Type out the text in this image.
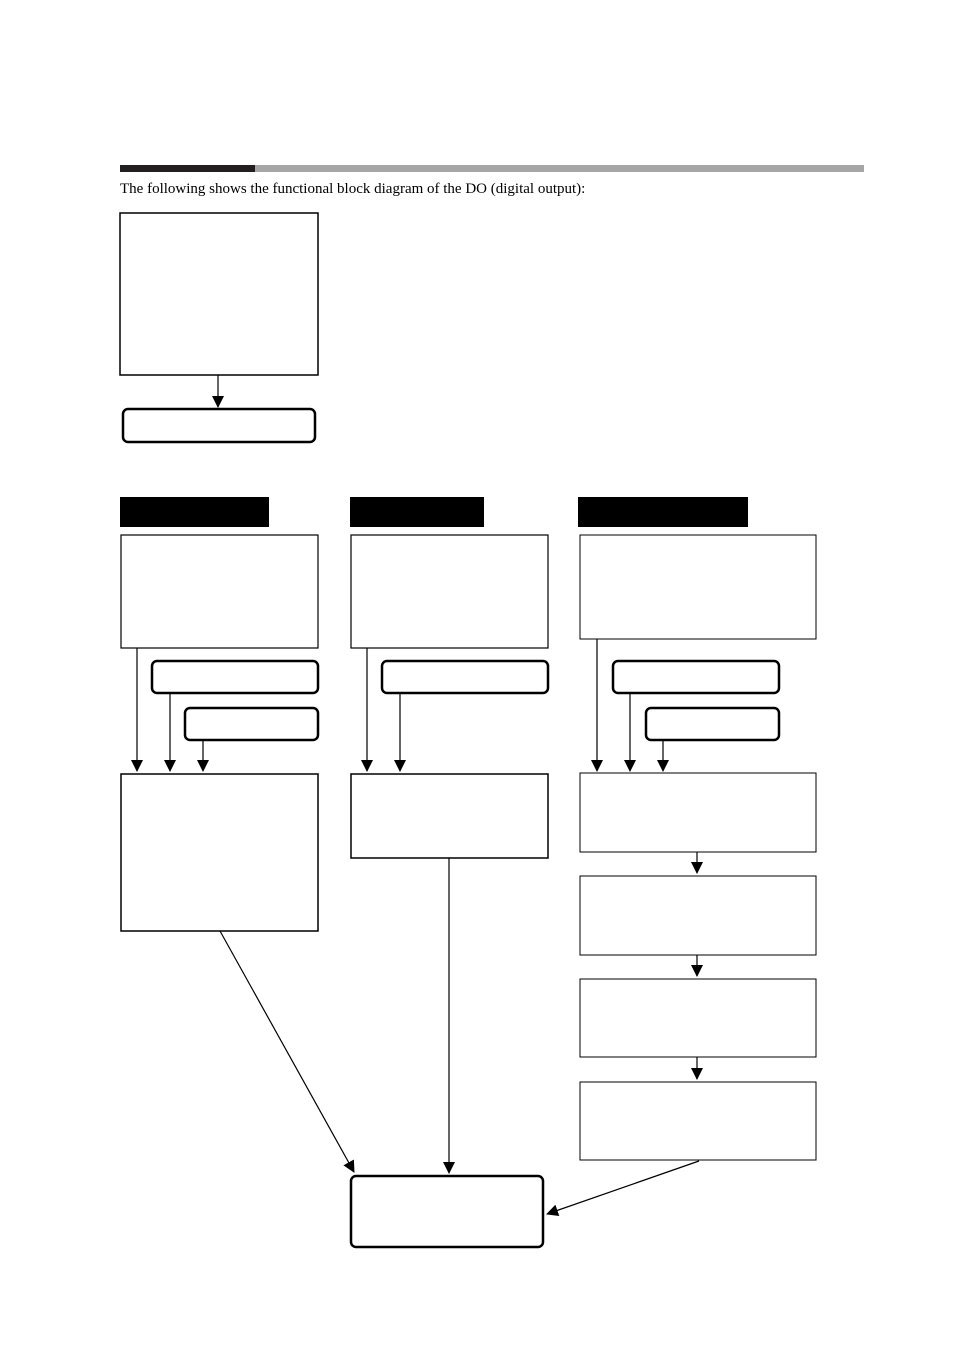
The following shows the functional block diagram of the DO (digital output):
